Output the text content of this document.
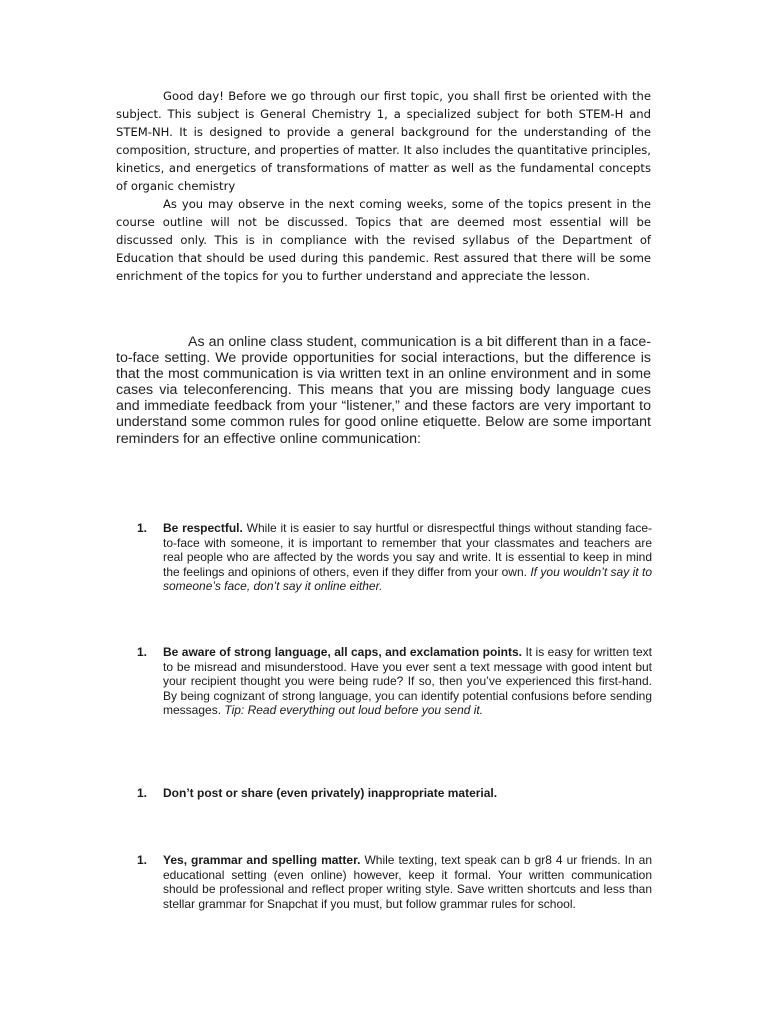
Good day! Before we go through our first topic, you shall first be oriented with the subject. This subject is General Chemistry 1, a specialized subject for both STEM-H and STEM-NH. It is designed to provide a general background for the understanding of the composition, structure, and properties of matter. It also includes the quantitative principles, kinetics, and energetics of transformations of matter as well as the fundamental concepts of organic chemistry

As you may observe in the next coming weeks, some of the topics present in the course outline will not be discussed. Topics that are deemed most essential will be discussed only. This is in compliance with the revised syllabus of the Department of Education that should be used during this pandemic. Rest assured that there will be some enrichment of the topics for you to further understand and appreciate the lesson.

As an online class student, communication is a bit different than in a face-to-face setting. We provide opportunities for social interactions, but the difference is that the most communication is via written text in an online environment and in some cases via teleconferencing. This means that you are missing body language cues and immediate feedback from your “listener,” and these factors are very important to understand some common rules for good online etiquette. Below are some important reminders for an effective online communication:

1. Be respectful. While it is easier to say hurtful or disrespectful things without standing face-to-face with someone, it is important to remember that your classmates and teachers are real people who are affected by the words you say and write. It is essential to keep in mind the feelings and opinions of others, even if they differ from your own. If you wouldn’t say it to someone’s face, don’t say it online either.
1. Be aware of strong language, all caps, and exclamation points. It is easy for written text to be misread and misunderstood. Have you ever sent a text message with good intent but your recipient thought you were being rude? If so, then you’ve experienced this first-hand. By being cognizant of strong language, you can identify potential confusions before sending messages. Tip: Read everything out loud before you send it.
1. Don’t post or share (even privately) inappropriate material.
1. Yes, grammar and spelling matter. While texting, text speak can b gr8 4 ur friends. In an educational setting (even online) however, keep it formal. Your written communication should be professional and reflect proper writing style. Save written shortcuts and less than stellar grammar for Snapchat if you must, but follow grammar rules for school.
